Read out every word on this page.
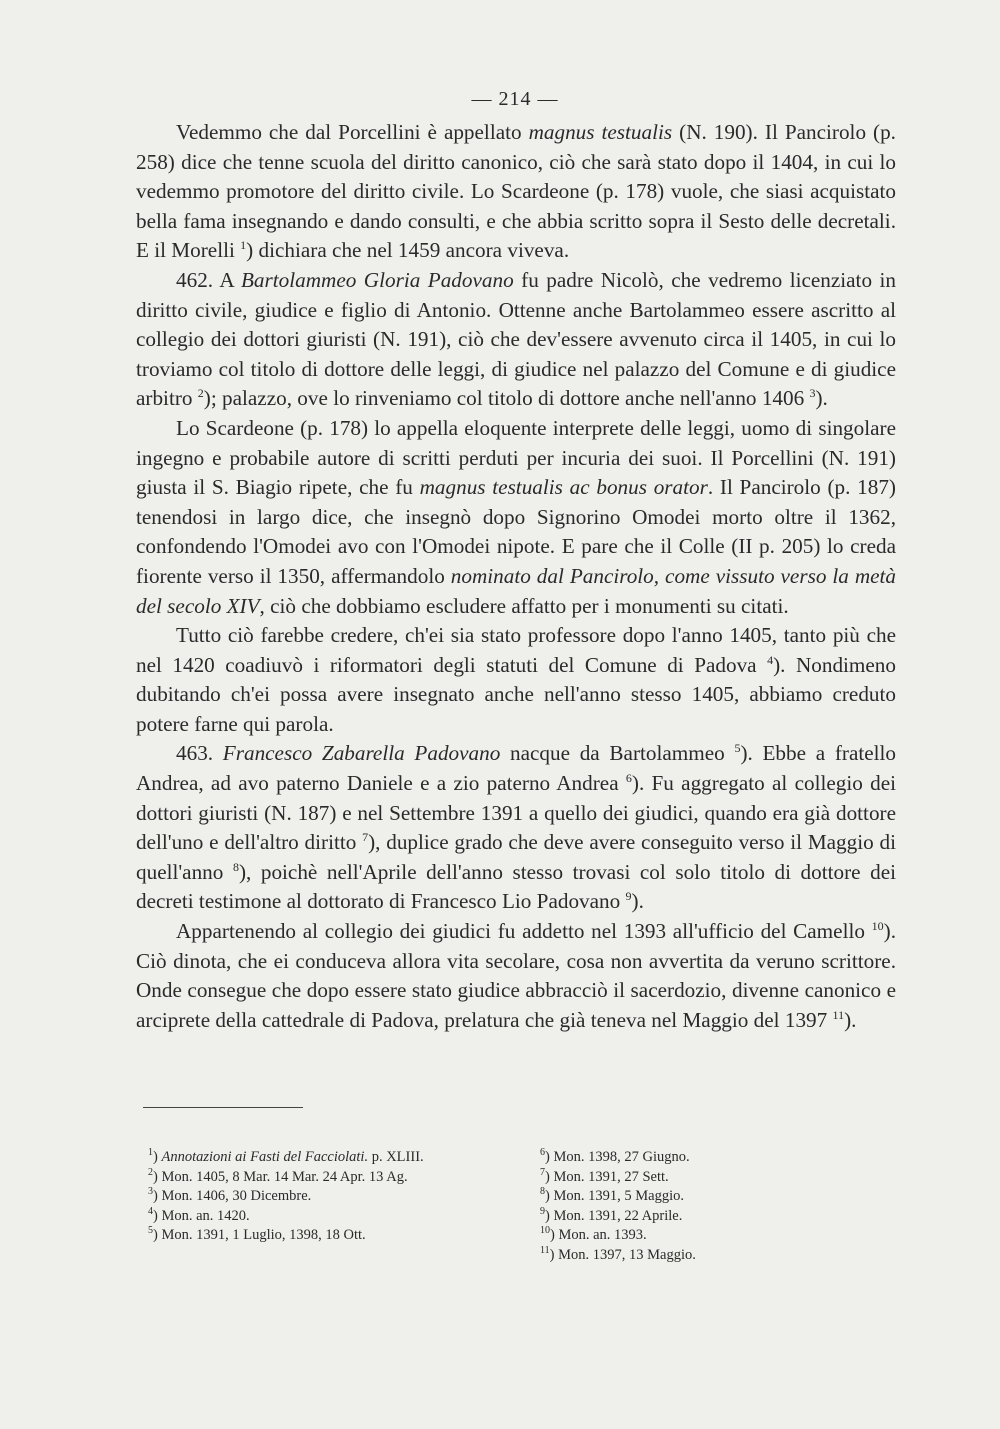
— 214 —

Vedemmo che dal Porcellini è appellato magnus testualis (N. 190). Il Pancirolo (p. 258) dice che tenne scuola del diritto canonico, ciò che sarà stato dopo il 1404, in cui lo vedemmo promotore del diritto civile. Lo Scardeone (p. 178) vuole, che siasi acquistato bella fama insegnando e dando consulti, e che abbia scritto sopra il Sesto delle decretali. E il Morelli $^1$) dichiara che nel 1459 ancora viveva.

462. A Bartolammeo Gloria Padovano fu padre Nicolò, che vedremo licenziato in diritto civile, giudice e figlio di Antonio. Ottenne anche Bartolammeo essere ascritto al collegio dei dottori giuristi (N. 191), ciò che dev'essere avvenuto circa il 1405, in cui lo troviamo col titolo di dottore delle leggi, di giudice nel palazzo del Comune e di giudice arbitro $^2$); palazzo, ove lo rinveniamo col titolo di dottore anche nell'anno 1406 $^3$).

Lo Scardeone (p. 178) lo appella eloquente interprete delle leggi, uomo di singolare ingegno e probabile autore di scritti perduti per incuria dei suoi. Il Porcellini (N. 191) giusta il S. Biagio ripete, che fu magnus testualis ac bonus orator. Il Pancirolo (p. 187) tenendosi in largo dice, che insegnò dopo Signorino Omodei morto oltre il 1362, confondendo l'Omodei avo con l'Omodei nipote. E pare che il Colle (II p. 205) lo creda fiorente verso il 1350, affermandolo nominato dal Pancirolo, come vissuto verso la metà del secolo XIV, ciò che dobbiamo escludere affatto per i monumenti su citati.

Tutto ciò farebbe credere, ch'ei sia stato professore dopo l'anno 1405, tanto più che nel 1420 coadiuvò i riformatori degli statuti del Comune di Padova $^4$). Nondimeno dubitando ch'ei possa avere insegnato anche nell'anno stesso 1405, abbiamo creduto potere farne qui parola.

463. Francesco Zabarella Padovano nacque da Bartolammeo $^5$). Ebbe a fratello Andrea, ad avo paterno Daniele e a zio paterno Andrea $^6$). Fu aggregato al collegio dei dottori giuristi (N. 187) e nel Settembre 1391 a quello dei giudici, quando era già dottore dell'uno e dell'altro diritto $^7$), duplice grado che deve avere conseguito verso il Maggio di quell'anno $^8$), poichè nell'Aprile dell'anno stesso trovasi col solo titolo di dottore dei decreti testimone al dottorato di Francesco Lio Padovano $^9$).

Appartenendo al collegio dei giudici fu addetto nel 1393 all'ufficio del Camello $^{10}$). Ciò dinota, che ei conduceva allora vita secolare, cosa non avvertita da veruno scrittore. Onde consegue che dopo essere stato giudice abbracciò il sacerdozio, divenne canonico e arciprete della cattedrale di Padova, prelatura che già teneva nel Maggio del 1397 $^{11}$).

$^1$) Annotazioni ai Fasti del Facciolati. p. XLIII.
$^2$) Mon. 1405, 8 Mar. 14 Mar. 24 Apr. 13 Ag.
$^3$) Mon. 1406, 30 Dicembre.
$^4$) Mon. an. 1420.
$^5$) Mon. 1391, 1 Luglio, 1398, 18 Ott.
$^6$) Mon. 1398, 27 Giugno.
$^7$) Mon. 1391, 27 Sett.
$^8$) Mon. 1391, 5 Maggio.
$^9$) Mon. 1391, 22 Aprile.
$^{10}$) Mon. an. 1393.
$^{11}$) Mon. 1397, 13 Maggio.
